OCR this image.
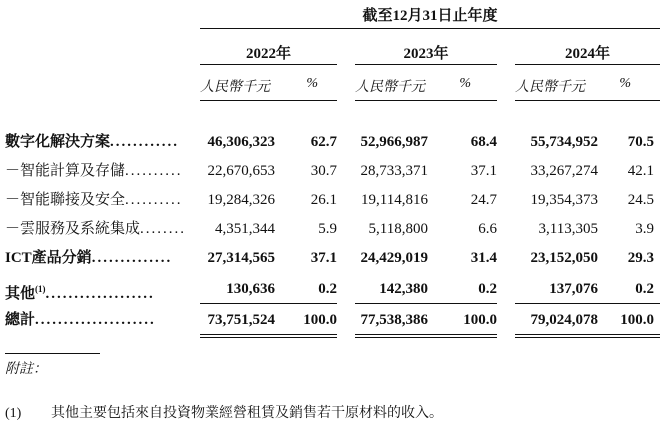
截至12月31日止年度
2022年	2023年	2024年
人民幣千元	%	人民幣千元	%	人民幣千元	%
數字化解決方案............	46,306,323	62.7	52,966,987	68.4	55,734,952	70.5
－智能計算及存儲..........	22,670,653	30.7	28,733,371	37.1	33,267,274	42.1
－智能聯接及安全..........	19,284,326	26.1	19,114,816	24.7	19,354,373	24.5
－雲服務及系統集成........	4,351,344	5.9	5,118,800	6.6	3,113,305	3.9
ICT產品分銷..............	27,314,565	37.1	24,429,019	31.4	23,152,050	29.3
其他$^{(1)}$...................	130,636	0.2	142,380	0.2	137,076	0.2
總計.....................	73,751,524	100.0	77,538,386	100.0	79,024,078	100.0
附註：
(1) 其他主要包括來自投資物業經營租賃及銷售若干原材料的收入。
